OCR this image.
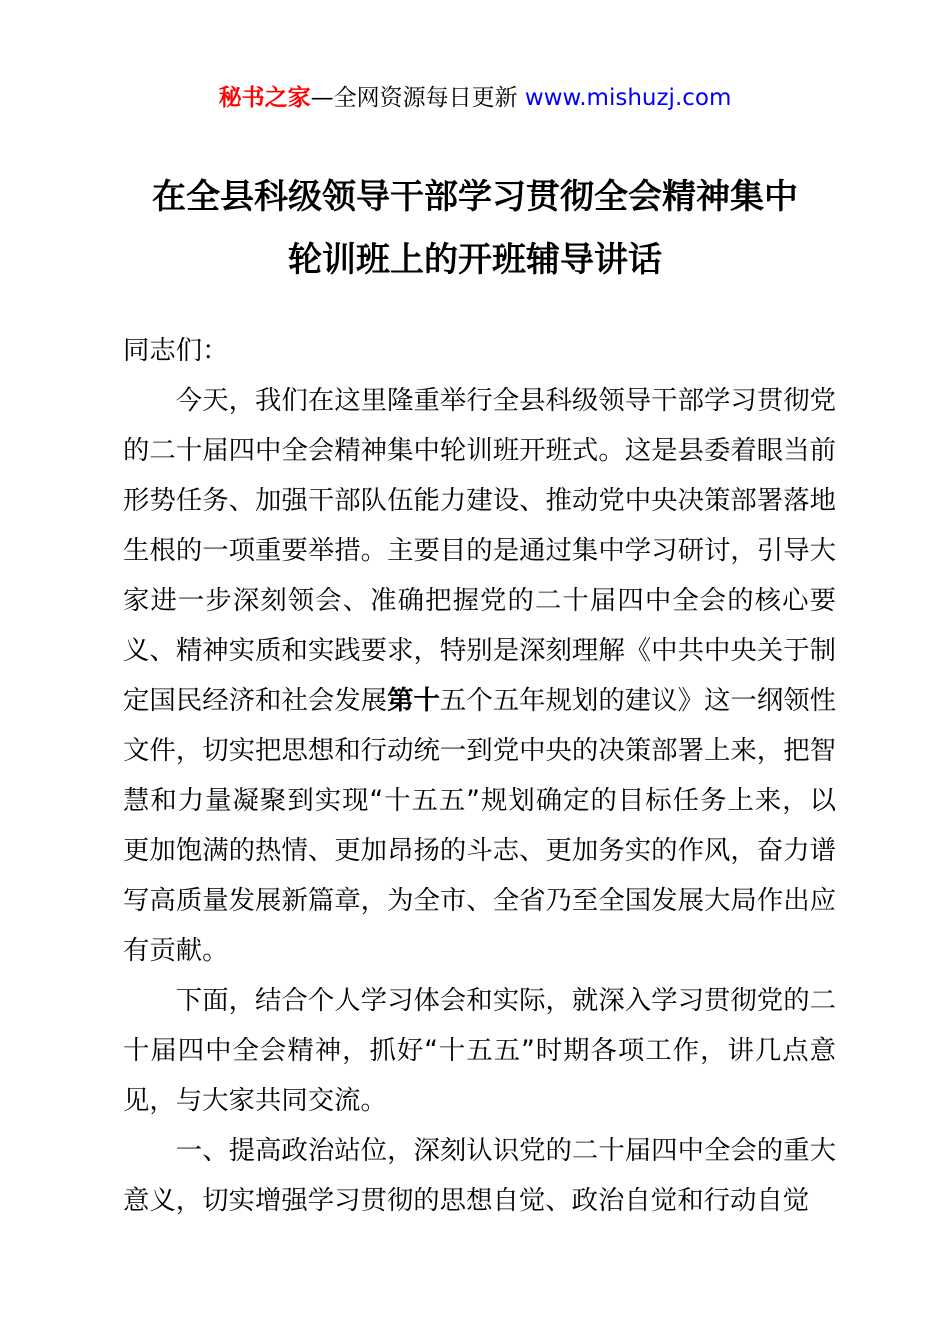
秘书之家—全网资源每日更新 www.mishuzj.com
在全县科级领导干部学习贯彻全会精神集中
轮训班上的开班辅导讲话

同志们：

今天，我们在这里隆重举行全县科级领导干部学习贯彻党的二十届四中全会精神集中轮训班开班式。这是县委着眼当前形势任务、加强干部队伍能力建设、推动党中央决策部署落地生根的一项重要举措。主要目的是通过集中学习研讨，引导大家进一步深刻领会、准确把握党的二十届四中全会的核心要义、精神实质和实践要求，特别是深刻理解《中共中央关于制定国民经济和社会发展第十五个五年规划的建议》这一纲领性文件，切实把思想和行动统一到党中央的决策部署上来，把智慧和力量凝聚到实现“十五五”规划确定的目标任务上来，以更加饱满的热情、更加昂扬的斗志、更加务实的作风，奋力谱写高质量发展新篇章，为全市、全省乃至全国发展大局作出应有贡献。

下面，结合个人学习体会和实际，就深入学习贯彻党的二十届四中全会精神，抓好“十五五”时期各项工作，讲几点意见，与大家共同交流。

一、提高政治站位，深刻认识党的二十届四中全会的重大意义，切实增强学习贯彻的思想自觉、政治自觉和行动自觉
